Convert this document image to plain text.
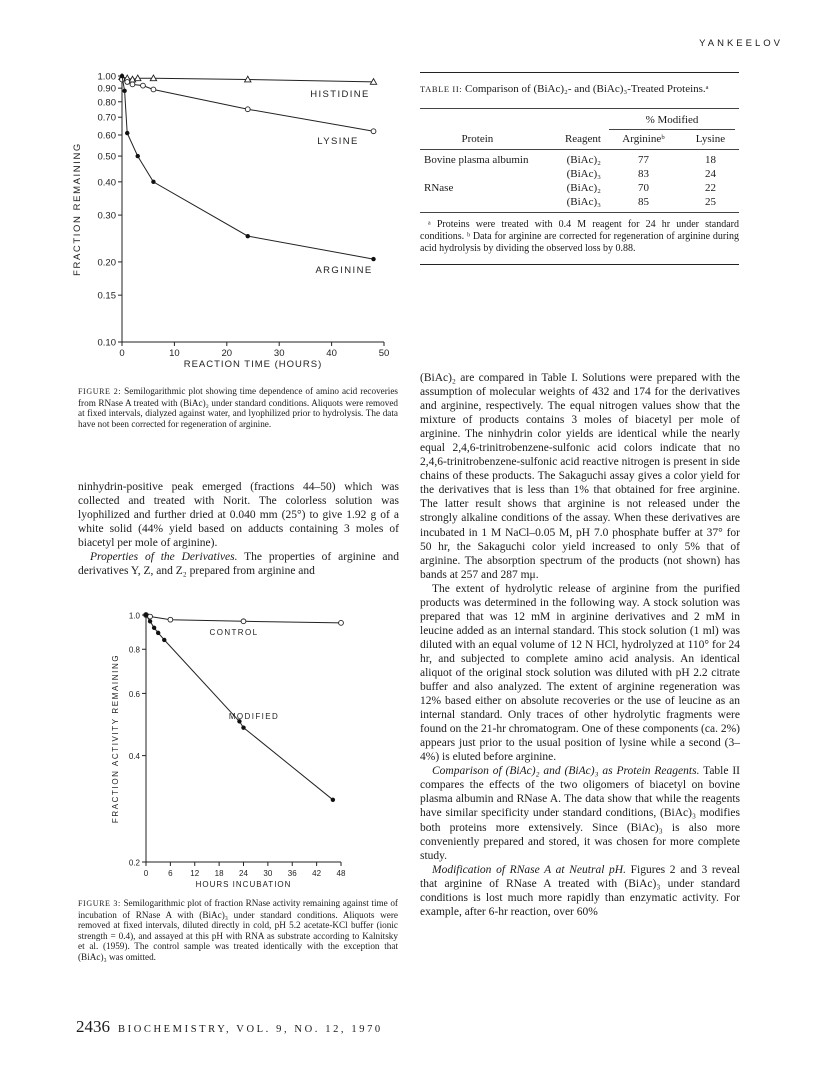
YANKEELOV
0.10
0.15
0.20
0.30
0.40
0.50
0.60
0.70
0.80
0.90
1.00
0	10	20	30	40	50
REACTION TIME (HOURS)
FRACTION REMAINING
HISTIDINE
LYSINE
ARGININE
FIGURE 2: Semilogarithmic plot showing time dependence of amino acid recoveries from RNase A treated with (BiAc)₂ under standard conditions. Aliquots were removed at fixed intervals, dialyzed against water, and lyophilized prior to hydrolysis. The data have not been corrected for regeneration of arginine.

ninhydrin-positive peak emerged (fractions 44–50) which was collected and treated with Norit. The colorless solution was lyophilized and further dried at 0.040 mm (25°) to give 1.92 g of a white solid (44% yield based on adducts containing 3 moles of biacetyl per mole of arginine).

Properties of the Derivatives. The properties of arginine and derivatives Y, Z, and Z₂ prepared from arginine and

0.2
0.4
0.6
0.8
1.0
0 6 12 18 24 30 36 42 48
HOURS INCUBATION
FRACTION ACTIVITY REMAINING
CONTROL
MODIFIED
FIGURE 3: Semilogarithmic plot of fraction RNase activity remaining against time of incubation of RNase A with (BiAc)₃ under standard conditions. Aliquots were removed at fixed intervals, diluted directly in cold, pH 5.2 acetate-KCl buffer (ionic strength = 0.4), and assayed at this pH with RNA as substrate according to Kalnitsky et al. (1959). The control sample was treated identically with the exception that (BiAc)₃ was omitted.
TABLE II: Comparison of (BiAc)₂- and (BiAc)₃-Treated Proteins.ᵃ
		% Modified	

Protein	Reagent	Arginineᵇ	Lysine
Bovine plasma albumin	(BiAc)₂	77	18
	(BiAc)₃	83	24
RNase	(BiAc)₂	70	22
	(BiAc)₃	85	25
ᵃ Proteins were treated with 0.4 M reagent for 24 hr under standard conditions. ᵇ Data for arginine are corrected for regeneration of arginine during acid hydrolysis by dividing the observed loss by 0.88.

(BiAc)₂ are compared in Table I. Solutions were prepared with the assumption of molecular weights of 432 and 174 for the derivatives and arginine, respectively. The equal nitrogen values show that the mixture of products contains 3 moles of biacetyl per mole of arginine. The ninhydrin color yields are identical while the nearly equal 2,4,6-trinitrobenzene-sulfonic acid colors indicate that no 2,4,6-trinitrobenzene-sulfonic acid reactive nitrogen is present in side chains of these products. The Sakaguchi assay gives a color yield for the derivatives that is less than 1% that obtained for free arginine. The latter result shows that arginine is not released under the strongly alkaline conditions of the assay. When these derivatives are incubated in 1 M NaCl–0.05 M, pH 7.0 phosphate buffer at 37° for 50 hr, the Sakaguchi color yield increased to only 5% that of arginine. The absorption spectrum of the products (not shown) has bands at 257 and 287 mμ.

The extent of hydrolytic release of arginine from the purified products was determined in the following way. A stock solution was prepared that was 12 mM in arginine derivatives and 2 mM in leucine added as an internal standard. This stock solution (1 ml) was diluted with an equal volume of 12 N HCl, hydrolyzed at 110° for 24 hr, and subjected to complete amino acid analysis. An identical aliquot of the original stock solution was diluted with pH 2.2 citrate buffer and also analyzed. The extent of arginine regeneration was 12% based either on absolute recoveries or the use of leucine as an internal standard. Only traces of other hydrolytic fragments were found on the 21-hr chromatogram. One of these components (ca. 2%) appears just prior to the usual position of lysine while a second (3–4%) is eluted before arginine.

Comparison of (BiAc)₂ and (BiAc)₃ as Protein Reagents. Table II compares the effects of the two oligomers of biacetyl on bovine plasma albumin and RNase A. The data show that while the reagents have similar specificity under standard conditions, (BiAc)₃ modifies both proteins more extensively. Since (BiAc)₃ is also more conveniently prepared and stored, it was chosen for more complete study.

Modification of RNase A at Neutral pH. Figures 2 and 3 reveal that arginine of RNase A treated with (BiAc)₃ under standard conditions is lost much more rapidly than enzymatic activity. For example, after 6-hr reaction, over 60%

2436 BIOCHEMISTRY, VOL. 9, NO. 12, 1970
